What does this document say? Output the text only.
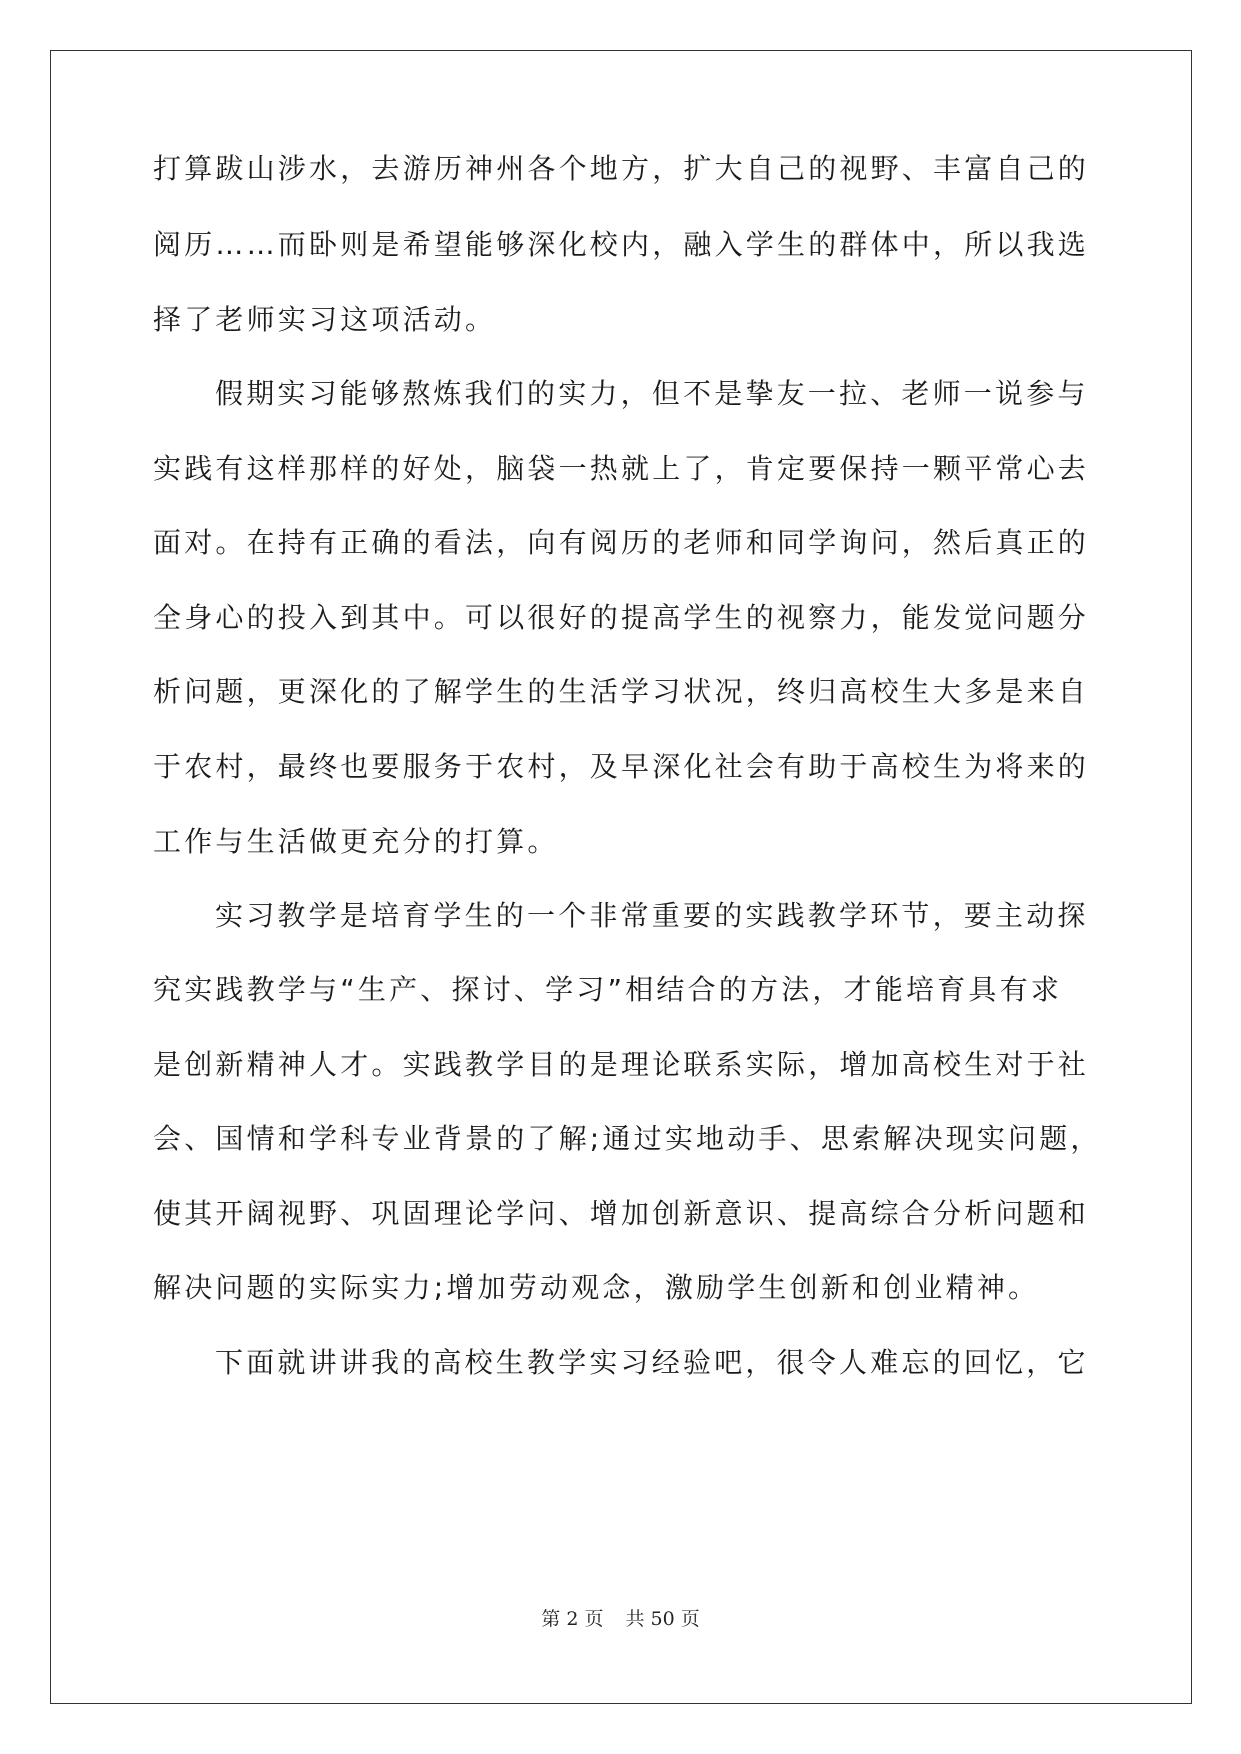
打算跋山涉水，去游历神州各个地方，扩大自己的视野、丰富自己的
阅历……而卧则是希望能够深化校内，融入学生的群体中，所以我选
择了老师实习这项活动。
假期实习能够熬炼我们的实力，但不是挚友一拉、老师一说参与
实践有这样那样的好处，脑袋一热就上了，肯定要保持一颗平常心去
面对。在持有正确的看法，向有阅历的老师和同学询问，然后真正的
全身心的投入到其中。可以很好的提高学生的视察力，能发觉问题分
析问题，更深化的了解学生的生活学习状况，终归高校生大多是来自
于农村，最终也要服务于农村，及早深化社会有助于高校生为将来的
工作与生活做更充分的打算。
实习教学是培育学生的一个非常重要的实践教学环节，要主动探
究实践教学与“生产、探讨、学习”相结合的方法，才能培育具有求
是创新精神人才。实践教学目的是理论联系实际，增加高校生对于社
会、国情和学科专业背景的了解;通过实地动手、思索解决现实问题，
使其开阔视野、巩固理论学问、增加创新意识、提高综合分析问题和
解决问题的实际实力;增加劳动观念，激励学生创新和创业精神。
下面就讲讲我的高校生教学实习经验吧，很令人难忘的回忆，它
第 2 页 共 50 页
